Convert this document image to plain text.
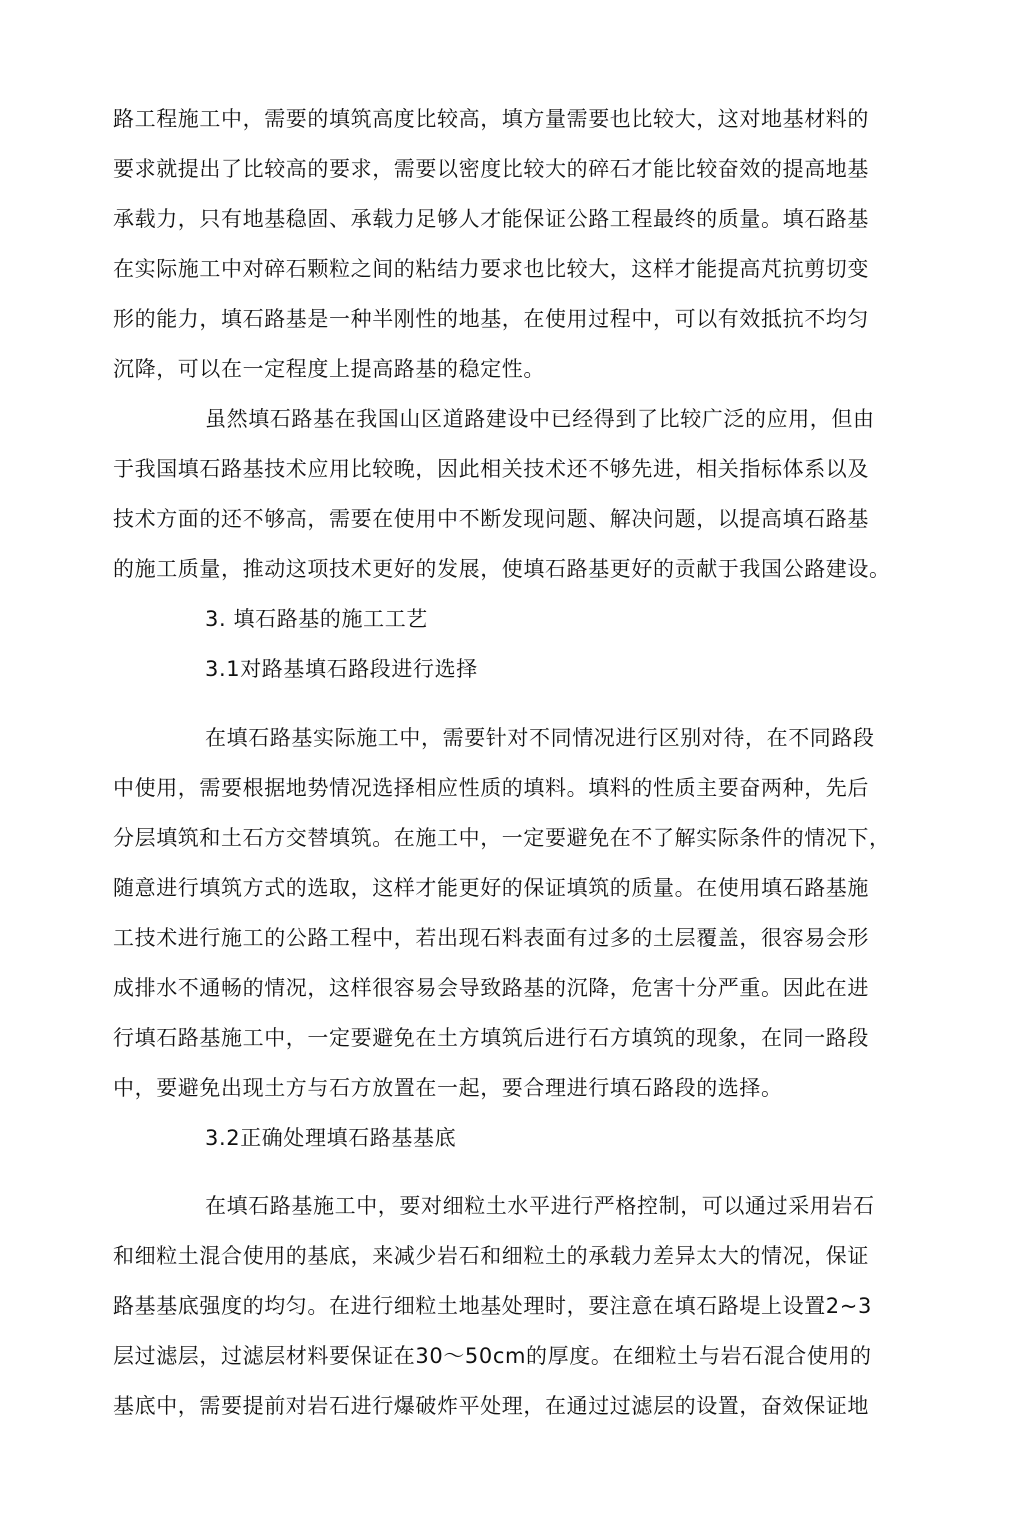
路工程施工中，需要的填筑高度比较高，填方量需要也比较大，这对地基材料的
要求就提出了比较高的要求，需要以密度比较大的碎石才能比较奋效的提高地基
承载力，只有地基稳固、承载力足够人才能保证公路工程最终的质量。填石路基
在实际施工中对碎石颗粒之间的粘结力要求也比较大，这样才能提高芃抗剪切变
形的能力，填石路基是一种半刚性的地基，在使用过程中，可以有效抵抗不均匀
沉降，可以在一定程度上提高路基的稳定性。
虽然填石路基在我国山区道路建设中已经得到了比较广泛的应用，但由
于我国填石路基技术应用比较晚，因此相关技术还不够先进，相关指标体系以及
技术方面的还不够高，需要在使用中不断发现问题、解决问题，以提高填石路基
的施工质量，推动这项技术更好的发展，使填石路基更好的贡献于我国公路建设。
3. 填石路基的施工工艺
3.1对路基填石路段进行选择
在填石路基实际施工中，需要针对不同情况进行区别对待，在不同路段
中使用，需要根据地势情况选择相应性质的填料。填料的性质主要奋两种，先后
分层填筑和土石方交替填筑。在施工中，一定要避免在不了解实际条件的情况下，
随意进行填筑方式的选取，这样才能更好的保证填筑的质量。在使用填石路基施
工技术进行施工的公路工程中，若出现石料表面有过多的土层覆盖，很容易会形
成排水不通畅的情况，这样很容易会导致路基的沉降，危害十分严重。因此在进
行填石路基施工中，一定要避免在土方填筑后进行石方填筑的现象，在同一路段
中，要避免出现土方与石方放置在一起，要合理进行填石路段的选择。
3.2正确处理填石路基基底
在填石路基施工中，要对细粒土水平进行严格控制，可以通过采用岩石
和细粒土混合使用的基底，来减少岩石和细粒土的承载力差异太大的情况，保证
路基基底强度的均匀。在进行细粒土地基处理时，要注意在填石路堤上设置2~3
层过滤层，过滤层材料要保证在30～50cm的厚度。在细粒土与岩石混合使用的
基底中，需要提前对岩石进行爆破炸平处理，在通过过滤层的设置，奋效保证地
